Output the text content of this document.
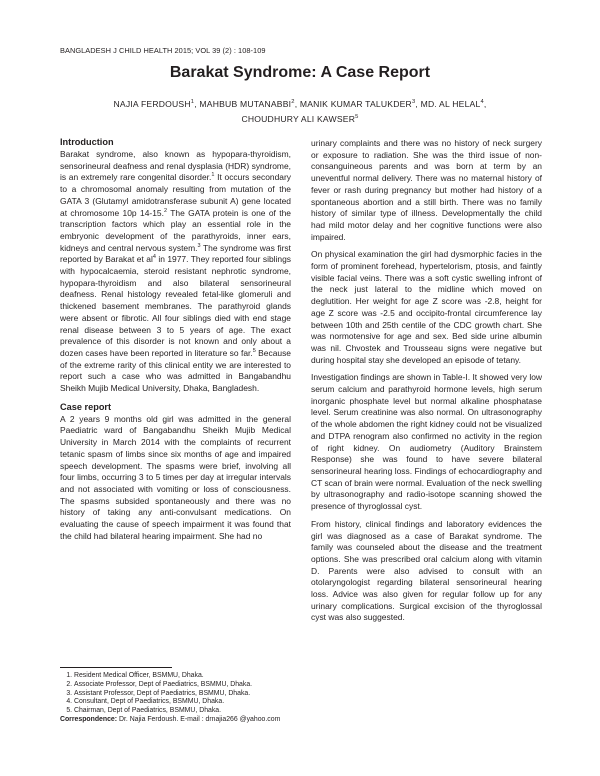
BANGLADESH J CHILD HEALTH 2015; VOL 39 (2) : 108-109
Barakat Syndrome: A Case Report
NAJIA FERDOUSH$^1$, MAHBUB MUTANABBI$^2$, MANIK KUMAR TALUKDER$^3$, MD. AL HELAL$^4$,
CHOUDHURY ALI KAWSER$^5$
Introduction

Barakat syndrome, also known as hypopara-thyroidism, sensorineural deafness and renal dysplasia (HDR) syndrome, is an extremely rare congenital disorder.$^1$ It occurs secondary to a chromosomal anomaly resulting from mutation of the GATA 3 (Glutamyl amidotransferase subunit A) gene located at chromosome 10p 14-15.$^2$ The GATA protein is one of the transcription factors which play an essential role in the embryonic development of the parathyroids, inner ears, kidneys and central nervous system.$^3$ The syndrome was first reported by Barakat et $al^4$ in 1977. They reported four siblings with hypocalcaemia, steroid resistant nephrotic syndrome, hypopara-thyroidism and also bilateral sensorineural deafness. Renal histology revealed fetal-like glomeruli and thickened basement membranes. The parathyroid glands were absent or fibrotic. All four siblings died with end stage renal disease between 3 to 5 years of age. The exact prevalence of this disorder is not known and only about a dozen cases have been reported in literature so far.$^5$ Because of the extreme rarity of this clinical entity we are interested to report such a case who was admitted in Bangabandhu Sheikh Mujib Medical University, Dhaka, Bangladesh.

Case report

A 2 years 9 months old girl was admitted in the general Paediatric ward of Bangabandhu Sheikh Mujib Medical University in March 2014 with the complaints of recurrent tetanic spasm of limbs since six months of age and impaired speech development. The spasms were brief, involving all four limbs, occurring 3 to 5 times per day at irregular intervals and not associated with vomiting or loss of consciousness. The spasms subsided spontaneously and there was no history of taking any anti-convulsant medications. On evaluating the cause of speech impairment it was found that the child had bilateral hearing impairment. She had no

urinary complaints and there was no history of neck surgery or exposure to radiation. She was the third issue of non-consanguineous parents and was born at term by an uneventful normal delivery. There was no maternal history of fever or rash during pregnancy but mother had history of a spontaneous abortion and a still birth. There was no family history of similar type of illness. Developmentally the child had mild motor delay and her cognitive functions were also impaired.

On physical examination the girl had dysmorphic facies in the form of prominent forehead, hypertelorism, ptosis, and faintly visible facial veins. There was a soft cystic swelling infront of the neck just lateral to the midline which moved on deglutition. Her weight for age Z score was -2.8, height for age Z score was -2.5 and occipito-frontal circumference lay between 10th and 25th centile of the CDC growth chart. She was normotensive for age and sex. Bed side urine albumin was nil. Chvostek and Trousseau signs were negative but during hospital stay she developed an episode of tetany.

Investigation findings are shown in Table-I. It showed very low serum calcium and parathyroid hormone levels, high serum inorganic phosphate level but normal alkaline phosphatase level. Serum creatinine was also normal. On ultrasonography of the whole abdomen the right kidney could not be visualized and DTPA renogram also confirmed no activity in the region of right kidney. On audiometry (Auditory Brainstem Response) she was found to have severe bilateral sensorineural hearing loss. Findings of echocardiography and CT scan of brain were normal. Evaluation of the neck swelling by ultrasonography and radio-isotope scanning showed the presence of thyroglossal cyst.

From history, clinical findings and laboratory evidences the girl was diagnosed as a case of Barakat syndrome. The family was counseled about the disease and the treatment options. She was prescribed oral calcium along with vitamin D. Parents were also advised to consult with an otolaryngologist regarding bilateral sensorineural hearing loss. Advice was also given for regular follow up for any urinary complications. Surgical excision of the thyroglossal cyst was also suggested.

1. Resident Medical Officer, BSMMU, Dhaka.
2. Associate Professor, Dept of Paediatrics, BSMMU, Dhaka.
3. Assistant Professor, Dept of Paediatrics, BSMMU, Dhaka.
4. Consultant, Dept of Paediatrics, BSMMU, Dhaka.
5. Chairman, Dept of Paediatrics, BSMMU, Dhaka.

Correspondence: Dr. Najia Ferdoush. E-mail : drnajia266 @yahoo.com
